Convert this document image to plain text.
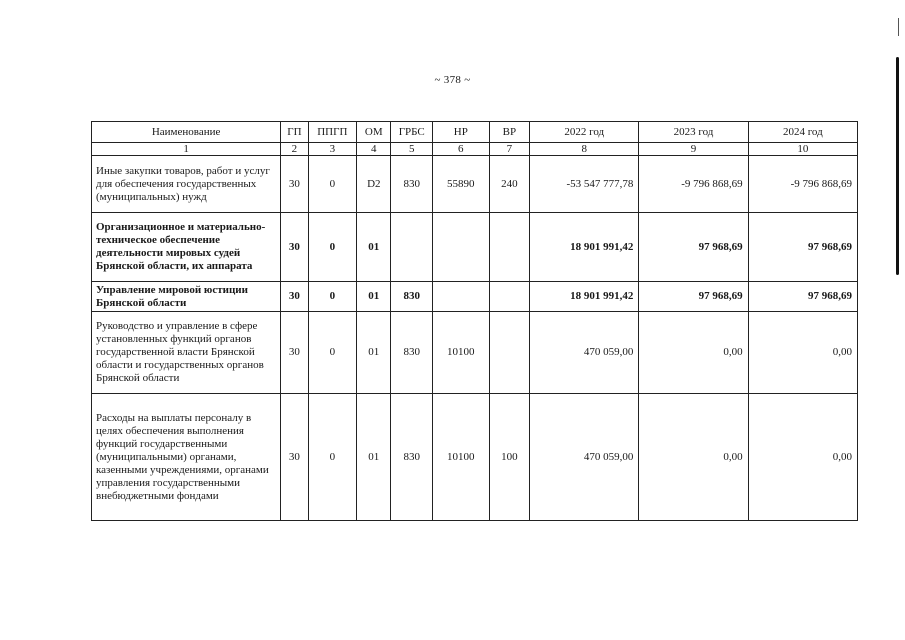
~ 378 ~
Наименование	ГП	ППГП	ОМ	ГРБС	НР	ВР	2022 год	2023 год	2024 год
1	2	3	4	5	6	7	8	9	10
Иные закупки товаров, работ и услуг для обеспечения государственных (муниципальных) нужд	30	0	D2	830	55890	240	-53 547 777,78	-9 796 868,69	-9 796 868,69
Организационное и материально-техническое обеспечение деятельности мировых судей Брянской области, их аппарата	30	0	01				18 901 991,42	97 968,69	97 968,69
Управление мировой юстиции Брянской области	30	0	01	830			18 901 991,42	97 968,69	97 968,69
Руководство и управление в сфере установленных функций органов государственной власти Брянской области и государственных органов Брянской области	30	0	01	830	10100		470 059,00	0,00	0,00
Расходы на выплаты персоналу в целях обеспечения выполнения функций государственными (муниципальными) органами, казенными учреждениями, органами управления государственными внебюджетными фондами	30	0	01	830	10100	100	470 059,00	0,00	0,00
